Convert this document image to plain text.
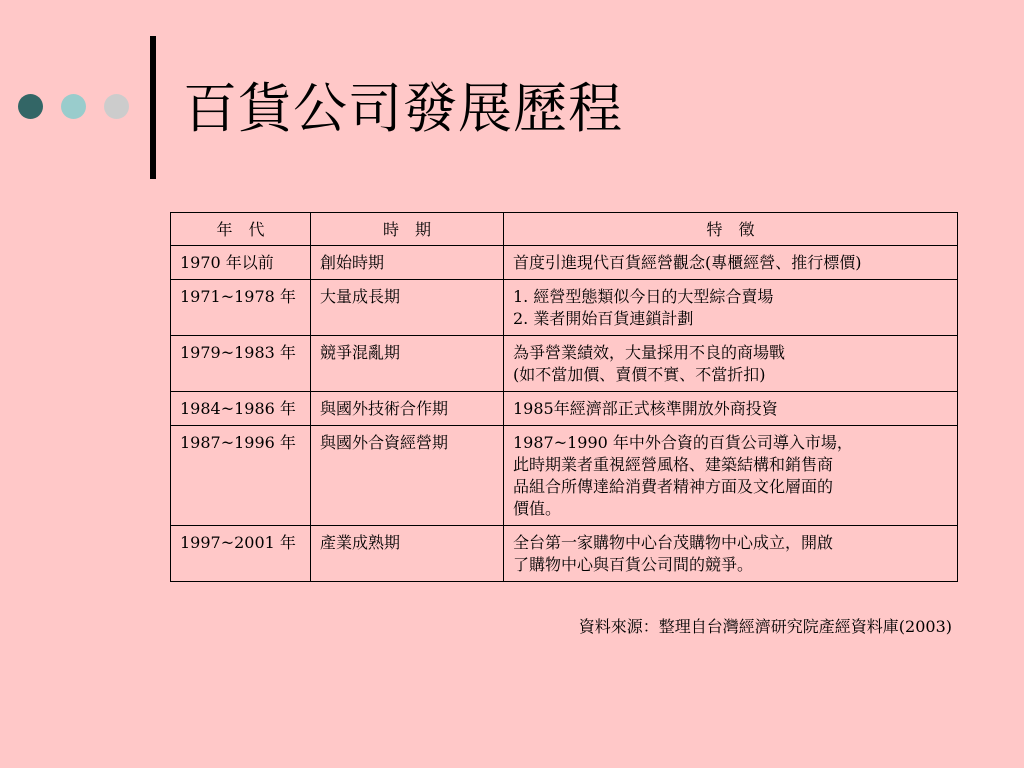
百貨公司發展歷程
年　代	時　期	特　徵
1970 年以前	創始時期	首度引進現代百貨經營觀念(專櫃經營、推行標價)

1971~1978 年	大量成長期	1. 經營型態類似今日的大型綜合賣場
2. 業者開始百貨連鎖計劃

1979~1983 年	競爭混亂期	為爭營業績效，大量採用不良的商場戰
(如不當加價、賣價不實、不當折扣)

1984~1986 年	與國外技術合作期	1985年經濟部正式核準開放外商投資

1987~1996 年	與國外合資經營期	1987~1990 年中外合資的百貨公司導入市場，
此時期業者重視經營風格、建築結構和銷售商
品組合所傳達給消費者精神方面及文化層面的
價值。

1997~2001 年	產業成熟期	全台第一家購物中心台茂購物中心成立，開啟
了購物中心與百貨公司間的競爭。
資料來源：整理自台灣經濟研究院產經資料庫(2003)
